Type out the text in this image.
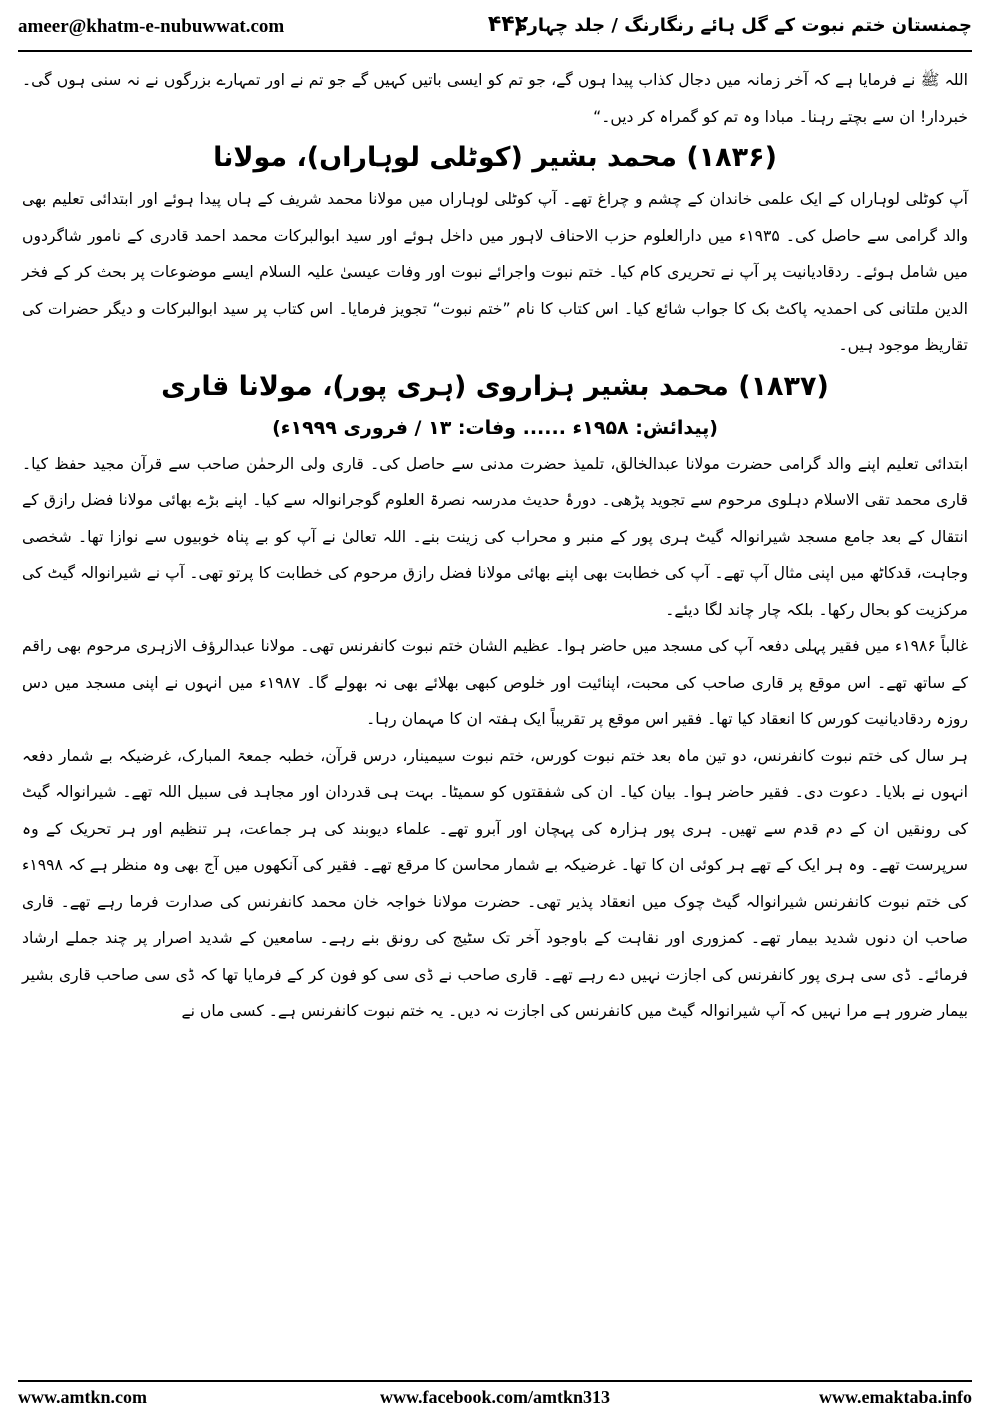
ameer@khatm-e-nubuwwat.com	۴۴۲
چمنستان ختم نبوت کے گل ہائے رنگارنگ / جلد چہارم

اللہ ﷺ نے فرمایا ہے کہ آخر زمانہ میں دجال کذاب پیدا ہوں گے، جو تم کو ایسی باتیں کہیں گے جو تم نے اور تمہارے بزرگوں نے نہ سنی ہوں گی۔ خبردار! ان سے بچتے رہنا۔ مبادا وہ تم کو گمراہ کر دیں۔“

(۱۸۳۶) محمد بشیر (کوٹلی لوہاراں)، مولانا

آپ کوٹلی لوہاراں کے ایک علمی خاندان کے چشم و چراغ تھے۔ آپ کوٹلی لوہاراں میں مولانا محمد شریف کے ہاں پیدا ہوئے اور ابتدائی تعلیم بھی والد گرامی سے حاصل کی۔ ۱۹۳۵ء میں دارالعلوم حزب الاحناف لاہور میں داخل ہوئے اور سید ابوالبرکات محمد احمد قادری کے نامور شاگردوں میں شامل ہوئے۔ ردقادیانیت پر آپ نے تحریری کام کیا۔ ختم نبوت واجرائے نبوت اور وفات عیسیٰ علیہ السلام ایسے موضوعات پر بحث کر کے فخر الدین ملتانی کی احمدیہ پاکٹ بک کا جواب شائع کیا۔ اس کتاب کا نام ”ختم نبوت“ تجویز فرمایا۔ اس کتاب پر سید ابوالبرکات و دیگر حضرات کی تقاریظ موجود ہیں۔

(۱۸۳۷) محمد بشیر ہزاروی (ہری پور)، مولانا قاری

(پیدائش: ۱۹۵۸ء ...... وفات: ۱۳ / فروری ۱۹۹۹ء)

ابتدائی تعلیم اپنے والد گرامی حضرت مولانا عبدالخالق، تلمیذ حضرت مدنی سے حاصل کی۔ قاری ولی الرحمٰن صاحب سے قرآن مجید حفظ کیا۔ قاری محمد تقی الاسلام دہلوی مرحوم سے تجوید پڑھی۔ دورۂ حدیث مدرسہ نصرۃ العلوم گوجرانوالہ سے کیا۔ اپنے بڑے بھائی مولانا فضل رازق کے انتقال کے بعد جامع مسجد شیرانوالہ گیٹ ہری پور کے منبر و محراب کی زینت بنے۔ اللہ تعالیٰ نے آپ کو بے پناہ خوبیوں سے نوازا تھا۔ شخصی وجاہت، قدکاٹھ میں اپنی مثال آپ تھے۔ آپ کی خطابت بھی اپنے بھائی مولانا فضل رازق مرحوم کی خطابت کا پرتو تھی۔ آپ نے شیرانوالہ گیٹ کی مرکزیت کو بحال رکھا۔ بلکہ چار چاند لگا دیئے۔

غالباً ۱۹۸۶ء میں فقیر پہلی دفعہ آپ کی مسجد میں حاضر ہوا۔ عظیم الشان ختم نبوت کانفرنس تھی۔ مولانا عبدالرؤف الازہری مرحوم بھی راقم کے ساتھ تھے۔ اس موقع پر قاری صاحب کی محبت، اپنائیت اور خلوص کبھی بھلائے بھی نہ بھولے گا۔ ۱۹۸۷ء میں انہوں نے اپنی مسجد میں دس روزہ ردقادیانیت کورس کا انعقاد کیا تھا۔ فقیر اس موقع پر تقریباً ایک ہفتہ ان کا مہمان رہا۔

ہر سال کی ختم نبوت کانفرنس، دو تین ماہ بعد ختم نبوت کورس، ختم نبوت سیمینار، درس قرآن، خطبہ جمعۃ المبارک، غرضیکہ بے شمار دفعہ انہوں نے بلایا۔ دعوت دی۔ فقیر حاضر ہوا۔ بیان کیا۔ ان کی شفقتوں کو سمیٹا۔ بہت ہی قدردان اور مجاہد فی سبیل اللہ تھے۔ شیرانوالہ گیٹ کی رونقیں ان کے دم قدم سے تھیں۔ ہری پور ہزارہ کی پہچان اور آبرو تھے۔ علماء دیوبند کی ہر جماعت، ہر تنظیم اور ہر تحریک کے وہ سرپرست تھے۔ وہ ہر ایک کے تھے ہر کوئی ان کا تھا۔ غرضیکہ بے شمار محاسن کا مرقع تھے۔ فقیر کی آنکھوں میں آج بھی وہ منظر ہے کہ ۱۹۹۸ء کی ختم نبوت کانفرنس شیرانوالہ گیٹ چوک میں انعقاد پذیر تھی۔ حضرت مولانا خواجہ خان محمد کانفرنس کی صدارت فرما رہے تھے۔ قاری صاحب ان دنوں شدید بیمار تھے۔ کمزوری اور نقاہت کے باوجود آخر تک سٹیج کی رونق بنے رہے۔ سامعین کے شدید اصرار پر چند جملے ارشاد فرمائے۔ ڈی سی ہری پور کانفرنس کی اجازت نہیں دے رہے تھے۔ قاری صاحب نے ڈی سی کو فون کر کے فرمایا تھا کہ ڈی سی صاحب قاری بشیر بیمار ضرور ہے مرا نہیں کہ آپ شیرانوالہ گیٹ میں کانفرنس کی اجازت نہ دیں۔ یہ ختم نبوت کانفرنس ہے۔ کسی ماں نے

www.amtkn.com	www.facebook.com/amtkn313	www.emaktaba.info
